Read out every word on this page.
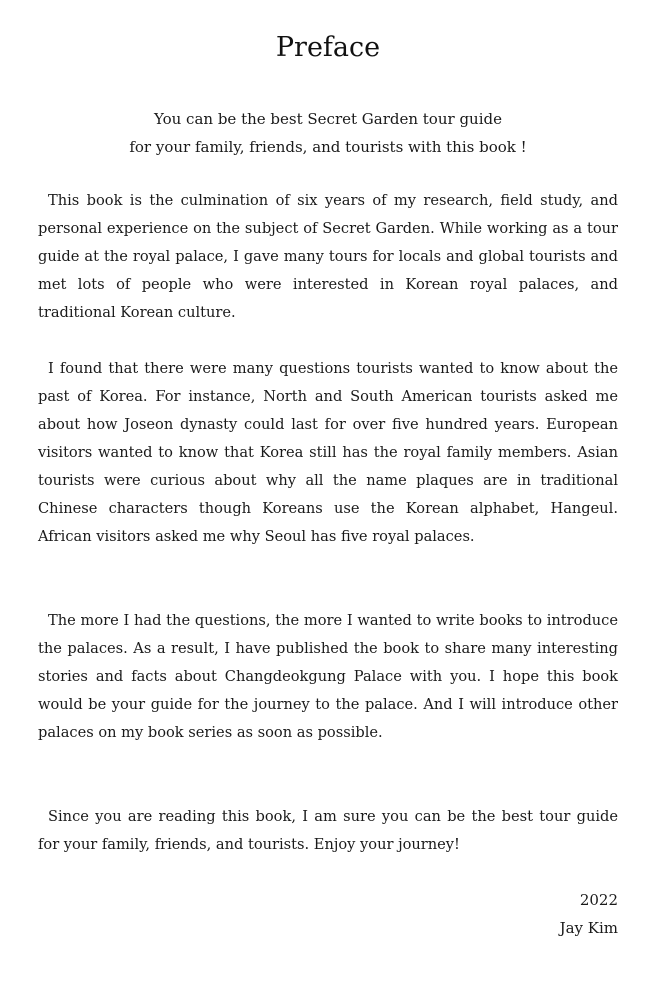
Preface

You can be the best Secret Garden tour guide
for your family, friends, and tourists with this book !

This book is the culmination of six years of my research, field study, and personal experience on the subject of Secret Garden. While working as a tour guide at the royal palace, I gave many tours for locals and global tourists and met lots of people who were interested in Korean royal palaces, and traditional Korean culture.

I found that there were many questions tourists wanted to know about the past of Korea. For instance, North and South American tourists asked me about how Joseon dynasty could last for over five hundred years. European visitors wanted to know that Korea still has the royal family members. Asian tourists were curious about why all the name plaques are in traditional Chinese characters though Koreans use the Korean alphabet, Hangeul. African visitors asked me why Seoul has five royal palaces.

The more I had the questions, the more I wanted to write books to introduce the palaces. As a result, I have published the book to share many interesting stories and facts about Changdeokgung Palace with you. I hope this book would be your guide for the journey to the palace. And I will introduce other palaces on my book series as soon as possible.

Since you are reading this book, I am sure you can be the best tour guide for your family, friends, and tourists. Enjoy your journey!

2022

Jay Kim
